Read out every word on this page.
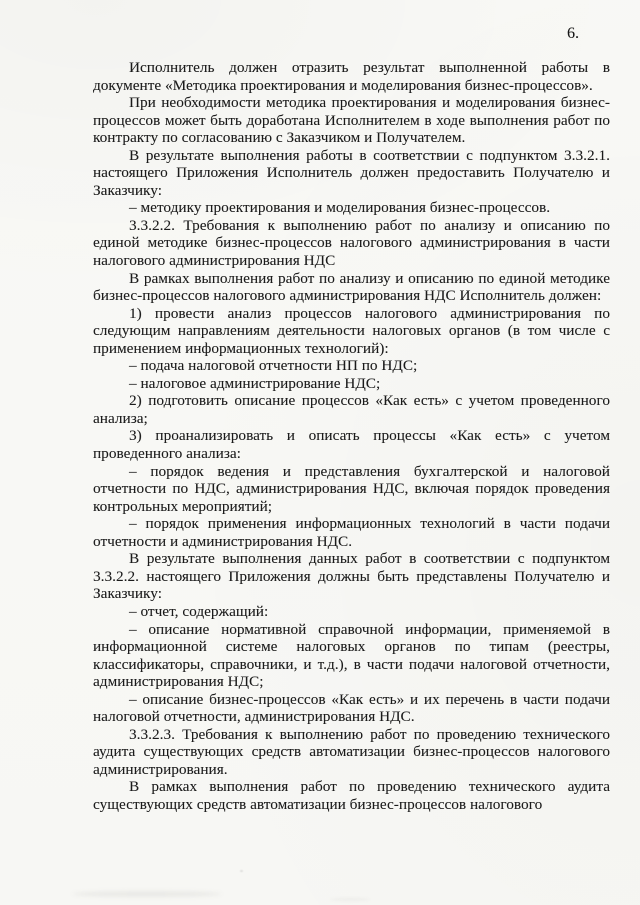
6.

Исполнитель должен отразить результат выполненной работы в документе «Методика проектирования и моделирования бизнес-процессов».

При необходимости методика проектирования и моделирования бизнес-процессов может быть доработана Исполнителем в ходе выполнения работ по контракту по согласованию с Заказчиком и Получателем.

В результате выполнения работы в соответствии с подпунктом 3.3.2.1. настоящего Приложения Исполнитель должен предоставить Получателю и Заказчику:

– методику проектирования и моделирования бизнес-процессов.

3.3.2.2. Требования к выполнению работ по анализу и описанию по единой методике бизнес-процессов налогового администрирования в части налогового администрирования НДС

В рамках выполнения работ по анализу и описанию по единой методике бизнес-процессов налогового администрирования НДС Исполнитель должен:

1) провести анализ процессов налогового администрирования по следующим направлениям деятельности налоговых органов (в том числе с применением информационных технологий):

– подача налоговой отчетности НП по НДС;

– налоговое администрирование НДС;

2) подготовить описание процессов «Как есть» с учетом проведенного анализа;

3) проанализировать и описать процессы «Как есть» с учетом проведенного анализа:

– порядок ведения и представления бухгалтерской и налоговой отчетности по НДС, администрирования НДС, включая порядок проведения контрольных мероприятий;

– порядок применения информационных технологий в части подачи отчетности и администрирования НДС.

В результате выполнения данных работ в соответствии с подпунктом 3.3.2.2. настоящего Приложения должны быть представлены Получателю и Заказчику:

– отчет, содержащий:

– описание нормативной справочной информации, применяемой в информационной системе налоговых органов по типам (реестры, классификаторы, справочники, и т.д.), в части подачи налоговой отчетности, администрирования НДС;

– описание бизнес-процессов «Как есть» и их перечень в части подачи налоговой отчетности, администрирования НДС.

3.3.2.3. Требования к выполнению работ по проведению технического аудита существующих средств автоматизации бизнес-процессов налогового администрирования.

В рамках выполнения работ по проведению технического аудита существующих средств автоматизации бизнес-процессов налогового
